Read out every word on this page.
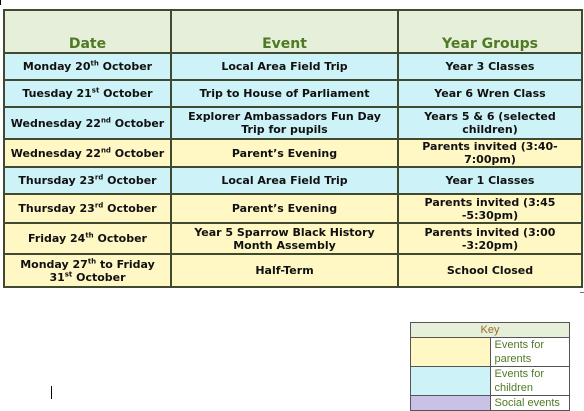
Date	Event	Year Groups
Monday 20th October	Local Area Field Trip	Year 3 Classes
Tuesday 21st October	Trip to House of Parliament	Year 6 Wren Class
Wednesday 22nd October	Explorer Ambassadors Fun Day Trip for pupils	Years 5 & 6 (selected children)
Wednesday 22nd October	Parent’s Evening	Parents invited (3:40-7:00pm)
Thursday 23rd October	Local Area Field Trip	Year 1 Classes
Thursday 23rd October	Parent’s Evening	Parents invited (3:45 -5:30pm)
Friday 24th October	Year 5 Sparrow Black History Month Assembly	Parents invited (3:00 -3:20pm)
Monday 27th to Friday 31st October	Half-Term	School Closed
Key	
	Events for parents
	Events for children
	Social events
